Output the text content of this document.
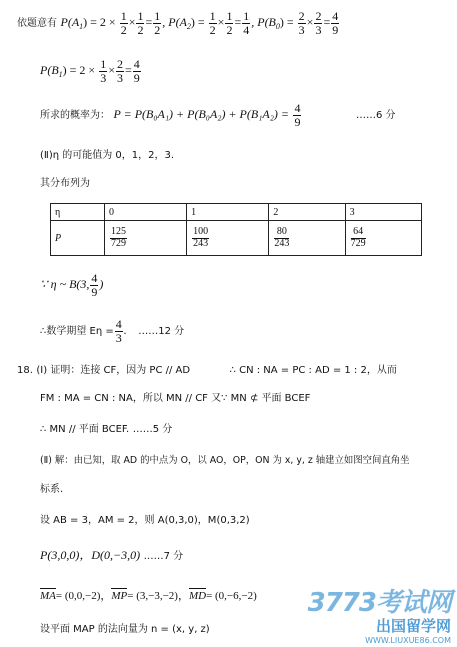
依题意有 $P(A_1) = 2 \times \frac{1}{2} \times \frac{1}{2} = \frac{1}{2}$ , $P(A_2) = \frac{1}{2} \times \frac{1}{2} = \frac{1}{4}$ , $P(B_0) = \frac{2}{3} \times \frac{2}{3} = \frac{4}{9}$
$P(B_1) = 2 \times \frac{1}{3} \times \frac{2}{3} = \frac{4}{9}$
所求的概率为： $P = P(B_0A_1) + P(B_0A_2) + P(B_1A_2) = \frac{4}{9}$	……6 分
(Ⅱ)η 的可能值为 0，1，2，3.
其分布列为
η	0	1	2	3
P	$\frac{125}{729}$	$\frac{100}{243}$	$\frac{80}{243}$	$\frac{64}{729}$
∵ η ~ B(3, $\frac{4}{9}$ )
∴数学期望 $E\eta = \frac{4}{3}$ . ……12 分
18. (Ⅰ) 证明：连接 CF，因为 PC // AD	∴ CN : NA = PC : AD = 1 : 2，从而
FM : MA = CN : NA，所以 MN // CF 又∵ MN ⊄ 平面 BCEF
∴ MN // 平面 BCEF. ……5 分
(Ⅱ) 解：由已知，取 AD 的中点为 O，以 AO，OP，ON 为 x, y, z 轴建立如图空间直角坐
标系.
设 AB = 3，AM = 2，则 A(0,3,0)，M(0,3,2)
P(3,0,0)，D(0,−3,0) ……7 分
MA= (0,0,−2)，MP= (3,−3,−2)，MD= (0,−6,−2)
设平面 MAP 的法向量为 n = (x, y, z)
3773考试网
出国留学网
WWW.LIUXUE86.COM
